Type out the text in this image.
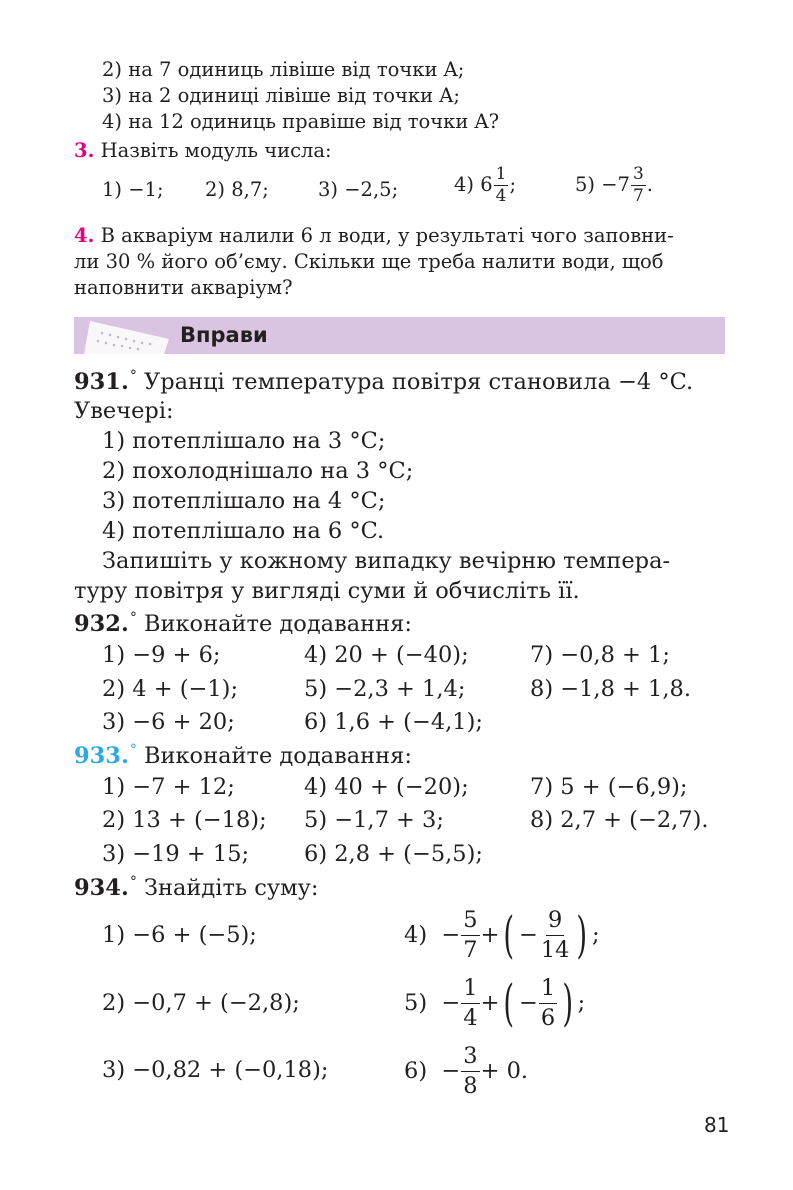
2) на 7 одиниць лівіше від точки A;
3) на 2 одиниці лівіше від точки A;
4) на 12 одиниць правіше від точки A?
3. Назвіть модуль числа:
1) −1; 2) 8,7;	3) −2,5;	4) $6 \frac{1}{4}$ ;	$5) -7 \frac{3}{7}$ .
4. В акваріум налили 6 л води, у результаті чого заповни-
ли 30 % його об’єму. Скільки ще треба налити води, щоб
наповнити акваріум?
Вправи
931.° Уранці температура повітря становила −4 °C.
Увечері:
1) потеплішало на 3 °C;
2) похолоднішало на 3 °C;
3) потеплішало на 4 °C;
4) потеплішало на 6 °C.
Запишіть у кожному випадку вечірню темпера-
туру повітря у вигляді суми й обчисліть її.
932.° Виконайте додавання:
1) −9 + 6;
2) 4 + (−1);
3) −6 + 20;
4) 20 + (−40);
5) −2,3 + 1,4;
6) 1,6 + (−4,1);
7) −0,8 + 1;
8) −1,8 + 1,8.
933.° Виконайте додавання:
1) −7 + 12;
2) 13 + (−18);
3) −19 + 15;
4) 40 + (−20);
5) −1,7 + 3;
6) 2,8 + (−5,5);
7) 5 + (−6,9);
8) 2,7 + (−2,7).
934.° Знайдіть суму:
1) −6 + (−5);
2) −0,7 + (−2,8);
3) −0,82 + (−0,18);
4)
− $\frac{5}{7}$ + ( − $\frac{9}{14}$ ) ;
5)
− $\frac{1}{4}$ + ( − $\frac{1}{6}$ ) ;
6)
− $\frac{3}{8} + 0$.
81
